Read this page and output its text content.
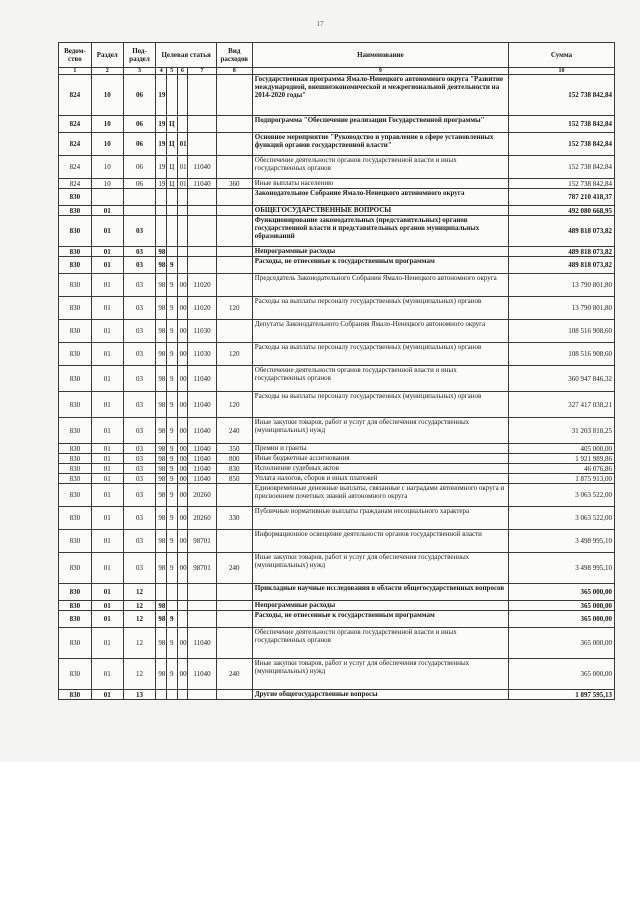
17
Ведом-ство	Раздел	Под-раздел	Целевая статья				Вид расходов	Наименование	Сумма
1	2	3	4	5	6	7	8	9	10
824	10	06	19					Государственная программа Ямало-Ненецкого автономного округа "Развитие международной, внешнеэкономической и межрегиональной деятельности на 2014-2020 годы"	152 738 842,84
824	10	06	19	Ц				Подпрограмма "Обеспечение реализации Государственной программы"	152 738 842,84
824	10	06	19	Ц	01			Основное мероприятие "Руководство и управление в сфере установленных функций органов государственной власти"	152 738 842,84
824	10	06	19	Ц	01	11040		Обеспечение деятельности органов государственной власти и иных государственных органов	152 738 842,84
824	10	06	19	Ц	01	11040	360	Иные выплаты населению	152 738 842,84
830								Законодательное Собрание Ямало-Ненецкого автономного округа	787 210 418,37
830	01							ОБЩЕГОСУДАРСТВЕННЫЕ ВОПРОСЫ	492 080 668,95
830	01	03						Функционирование законодательных (представительных) органов государственной власти и представительных органов муниципальных образований	489 818 073,82
830	01	03	98					Непрограммные расходы	489 818 073,82
830	01	03	98	9				Расходы, не отнесенные к государственным программам	489 818 073,82
830	01	03	98	9	00	11020		Председатель Законодательного Собрания Ямало-Ненецкого автономного округа	13 790 801,80
830	01	03	98	9	00	11020	120	Расходы на выплаты персоналу государственных (муниципальных) органов	13 790 801,80
830	01	03	98	9	00	11030		Депутаты Законодательного Собрания Ямало-Ненецкого автономного округа	108 516 908,60
830	01	03	98	9	00	11030	120	Расходы на выплаты персоналу государственных (муниципальных) органов	108 516 908,60
830	01	03	98	9	00	11040		Обеспечение деятельности органов государственной власти и иных государственных органов	360 947 846,32
830	01	03	98	9	00	11040	120	Расходы на выплаты персоналу государственных (муниципальных) органов	327 417 038,21
830	01	03	98	9	00	11040	240	Иные закупки товаров, работ и услуг для обеспечения государственных (муниципальных) нужд	31 203 818,25
830	01	03	98	9	00	11040	350	Премии и гранты	405 000,00
830	01	03	98	9	00	11040	800	Иные бюджетные ассигнования	1 921 989,86
830	01	03	98	9	00	11040	830	Исполнение судебных актов	46 076,86
830	01	03	98	9	00	11040	850	Уплата налогов, сборов и иных платежей	1 875 913,00
830	01	03	98	9	00	20260		Единовременные денежные выплаты, связанные с наградами автономного округа и присвоением почетных званий автономного округа	3 063 522,00
830	01	03	98	9	00	20260	330	Публичные нормативные выплаты гражданам несоциального характера	3 063 522,00
830	01	03	98	9	00	98701		Информационное освещение деятельности органов государственной власти	3 498 995,10
830	01	03	98	9	00	98701	240	Иные закупки товаров, работ и услуг для обеспечения государственных (муниципальных) нужд	3 498 995,10
830	01	12						Прикладные научные исследования в области общегосударственных вопросов	365 000,00
830	01	12	98					Непрограммные расходы	365 000,00
830	01	12	98	9				Расходы, не отнесенные к государственным программам	365 000,00
830	01	12	98	9	00	11040		Обеспечение деятельности органов государственной власти и иных государственных органов	365 000,00
830	01	12	98	9	00	11040	240	Иные закупки товаров, работ и услуг для обеспечения государственных (муниципальных) нужд	365 000,00
830	01	13						Другие общегосударственные вопросы	1 897 595,13
